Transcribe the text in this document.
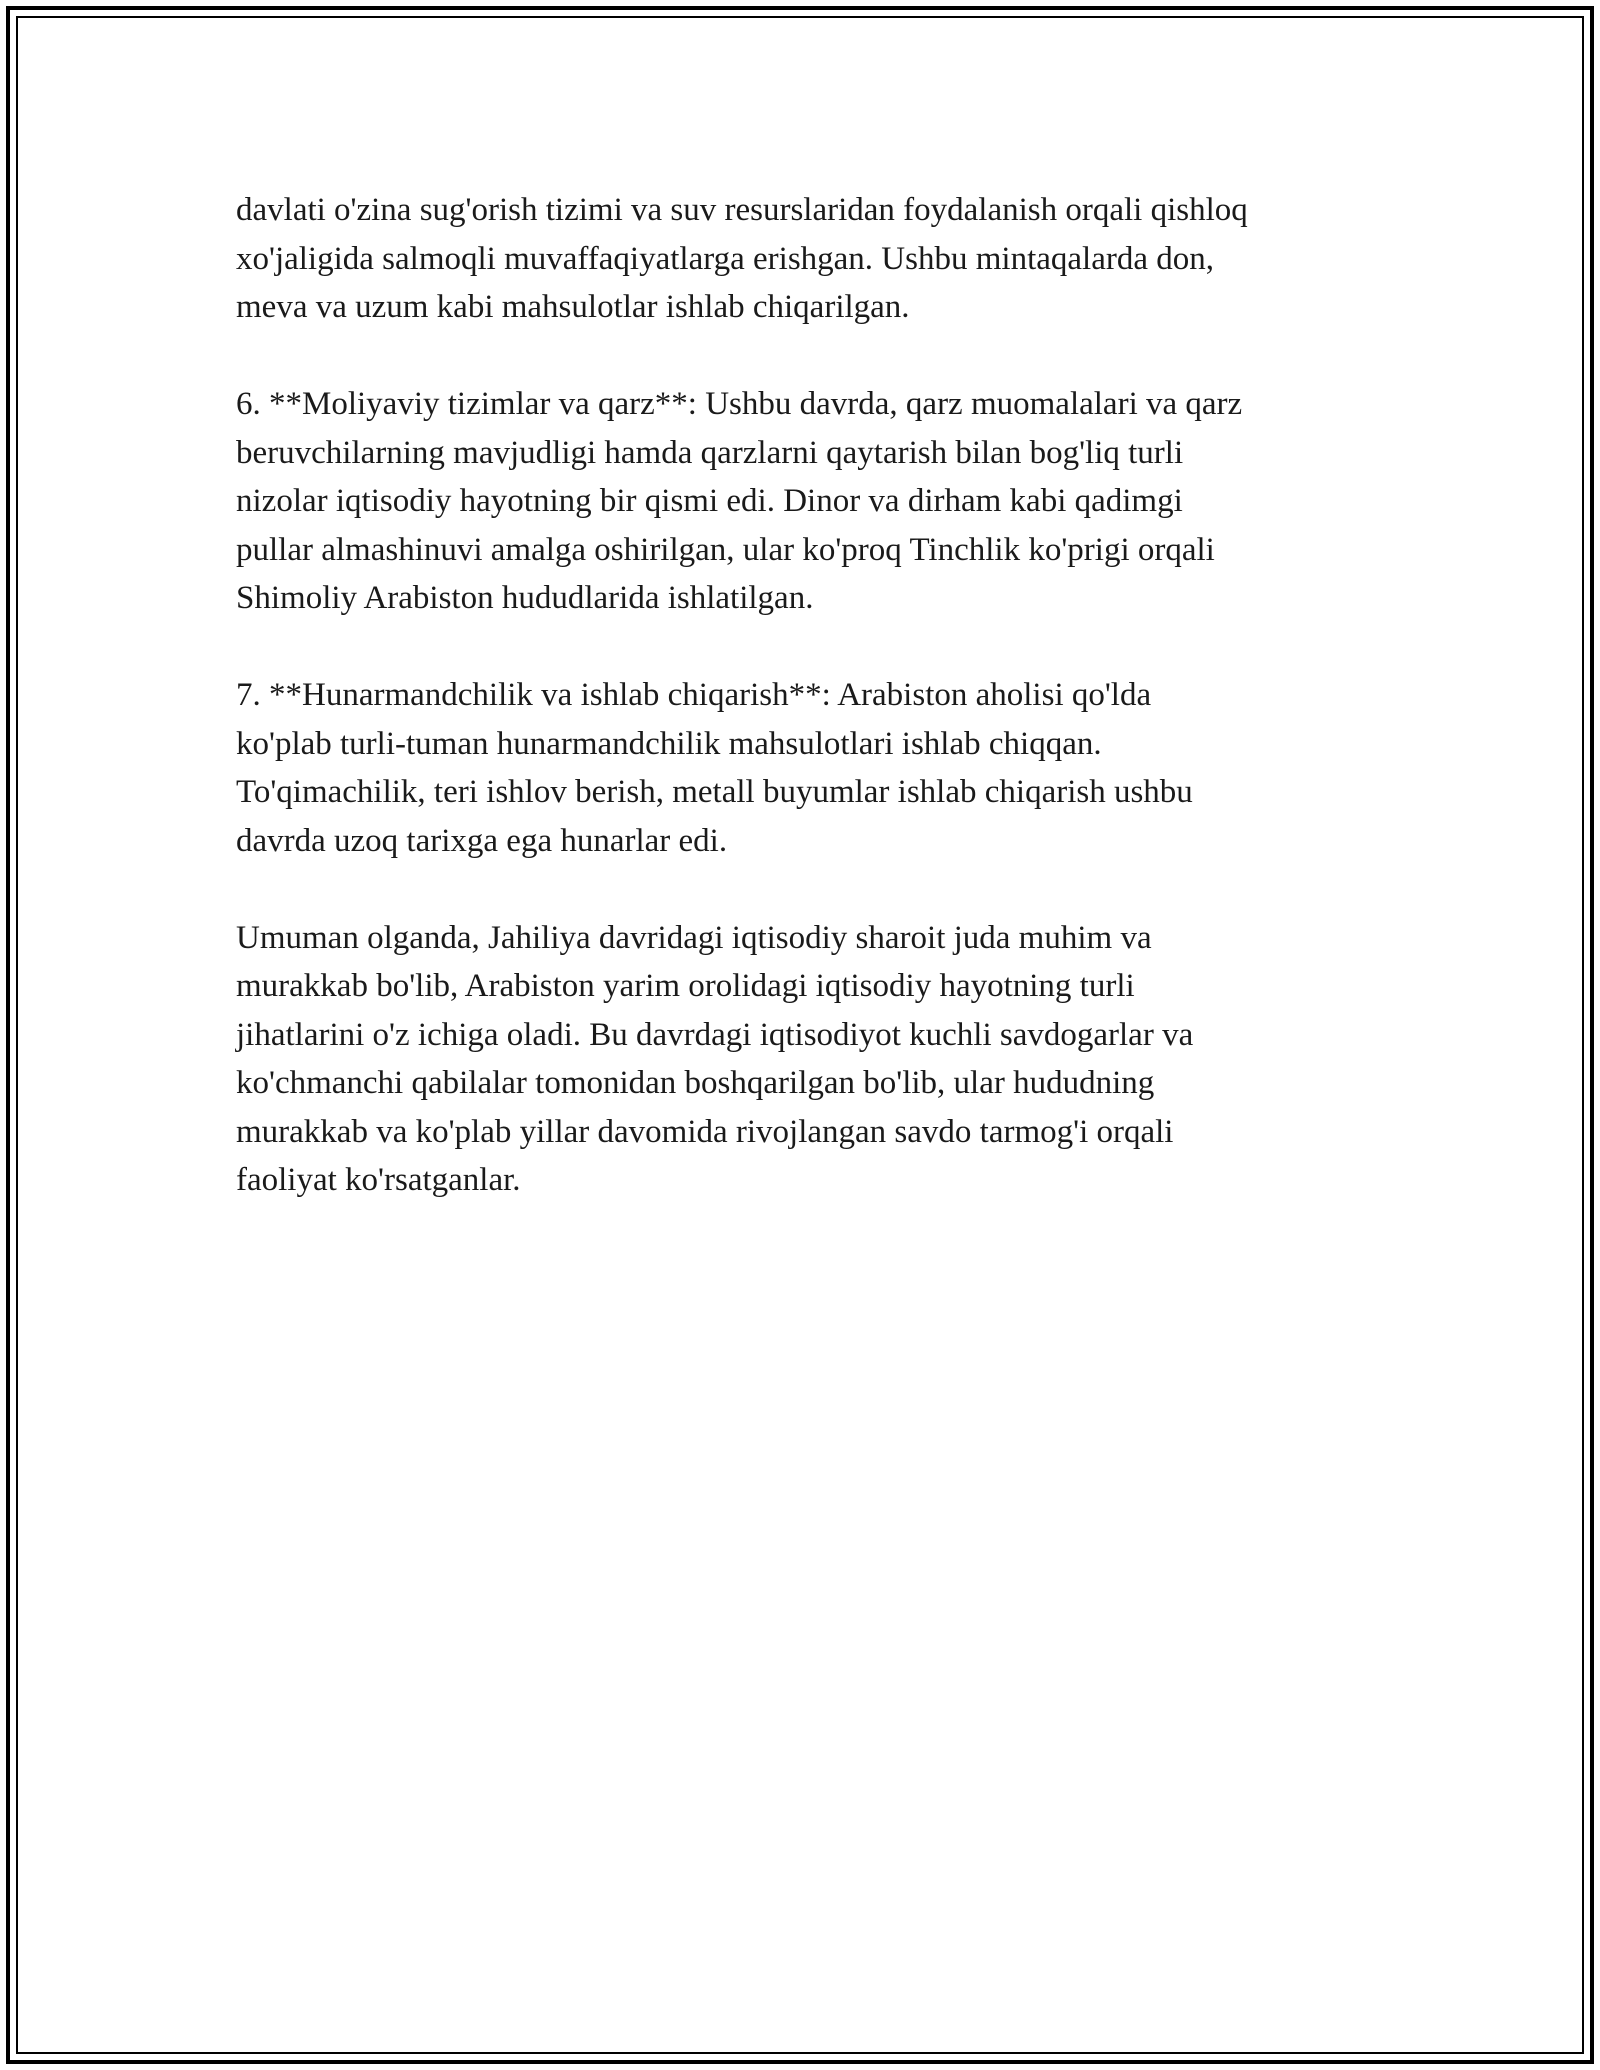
davlati o'zina sug'orish tizimi va suv resurslaridan foydalanish orqali qishloq
xo'jaligida salmoqli muvaffaqiyatlarga erishgan. Ushbu mintaqalarda don,
meva va uzum kabi mahsulotlar ishlab chiqarilgan.

6. **Moliyaviy tizimlar va qarz**: Ushbu davrda, qarz muomalalari va qarz
beruvchilarning mavjudligi hamda qarzlarni qaytarish bilan bog'liq turli
nizolar iqtisodiy hayotning bir qismi edi. Dinor va dirham kabi qadimgi
pullar almashinuvi amalga oshirilgan, ular ko'proq Tinchlik ko'prigi orqali
Shimoliy Arabiston hududlarida ishlatilgan.

7. **Hunarmandchilik va ishlab chiqarish**: Arabiston aholisi qo'lda
ko'plab turli-tuman hunarmandchilik mahsulotlari ishlab chiqqan.
To'qimachilik, teri ishlov berish, metall buyumlar ishlab chiqarish ushbu
davrda uzoq tarixga ega hunarlar edi.

Umuman olganda, Jahiliya davridagi iqtisodiy sharoit juda muhim va
murakkab bo'lib, Arabiston yarim orolidagi iqtisodiy hayotning turli
jihatlarini o'z ichiga oladi. Bu davrdagi iqtisodiyot kuchli savdogarlar va
ko'chmanchi qabilalar tomonidan boshqarilgan bo'lib, ular hududning
murakkab va ko'plab yillar davomida rivojlangan savdo tarmog'i orqali
faoliyat ko'rsatganlar.
